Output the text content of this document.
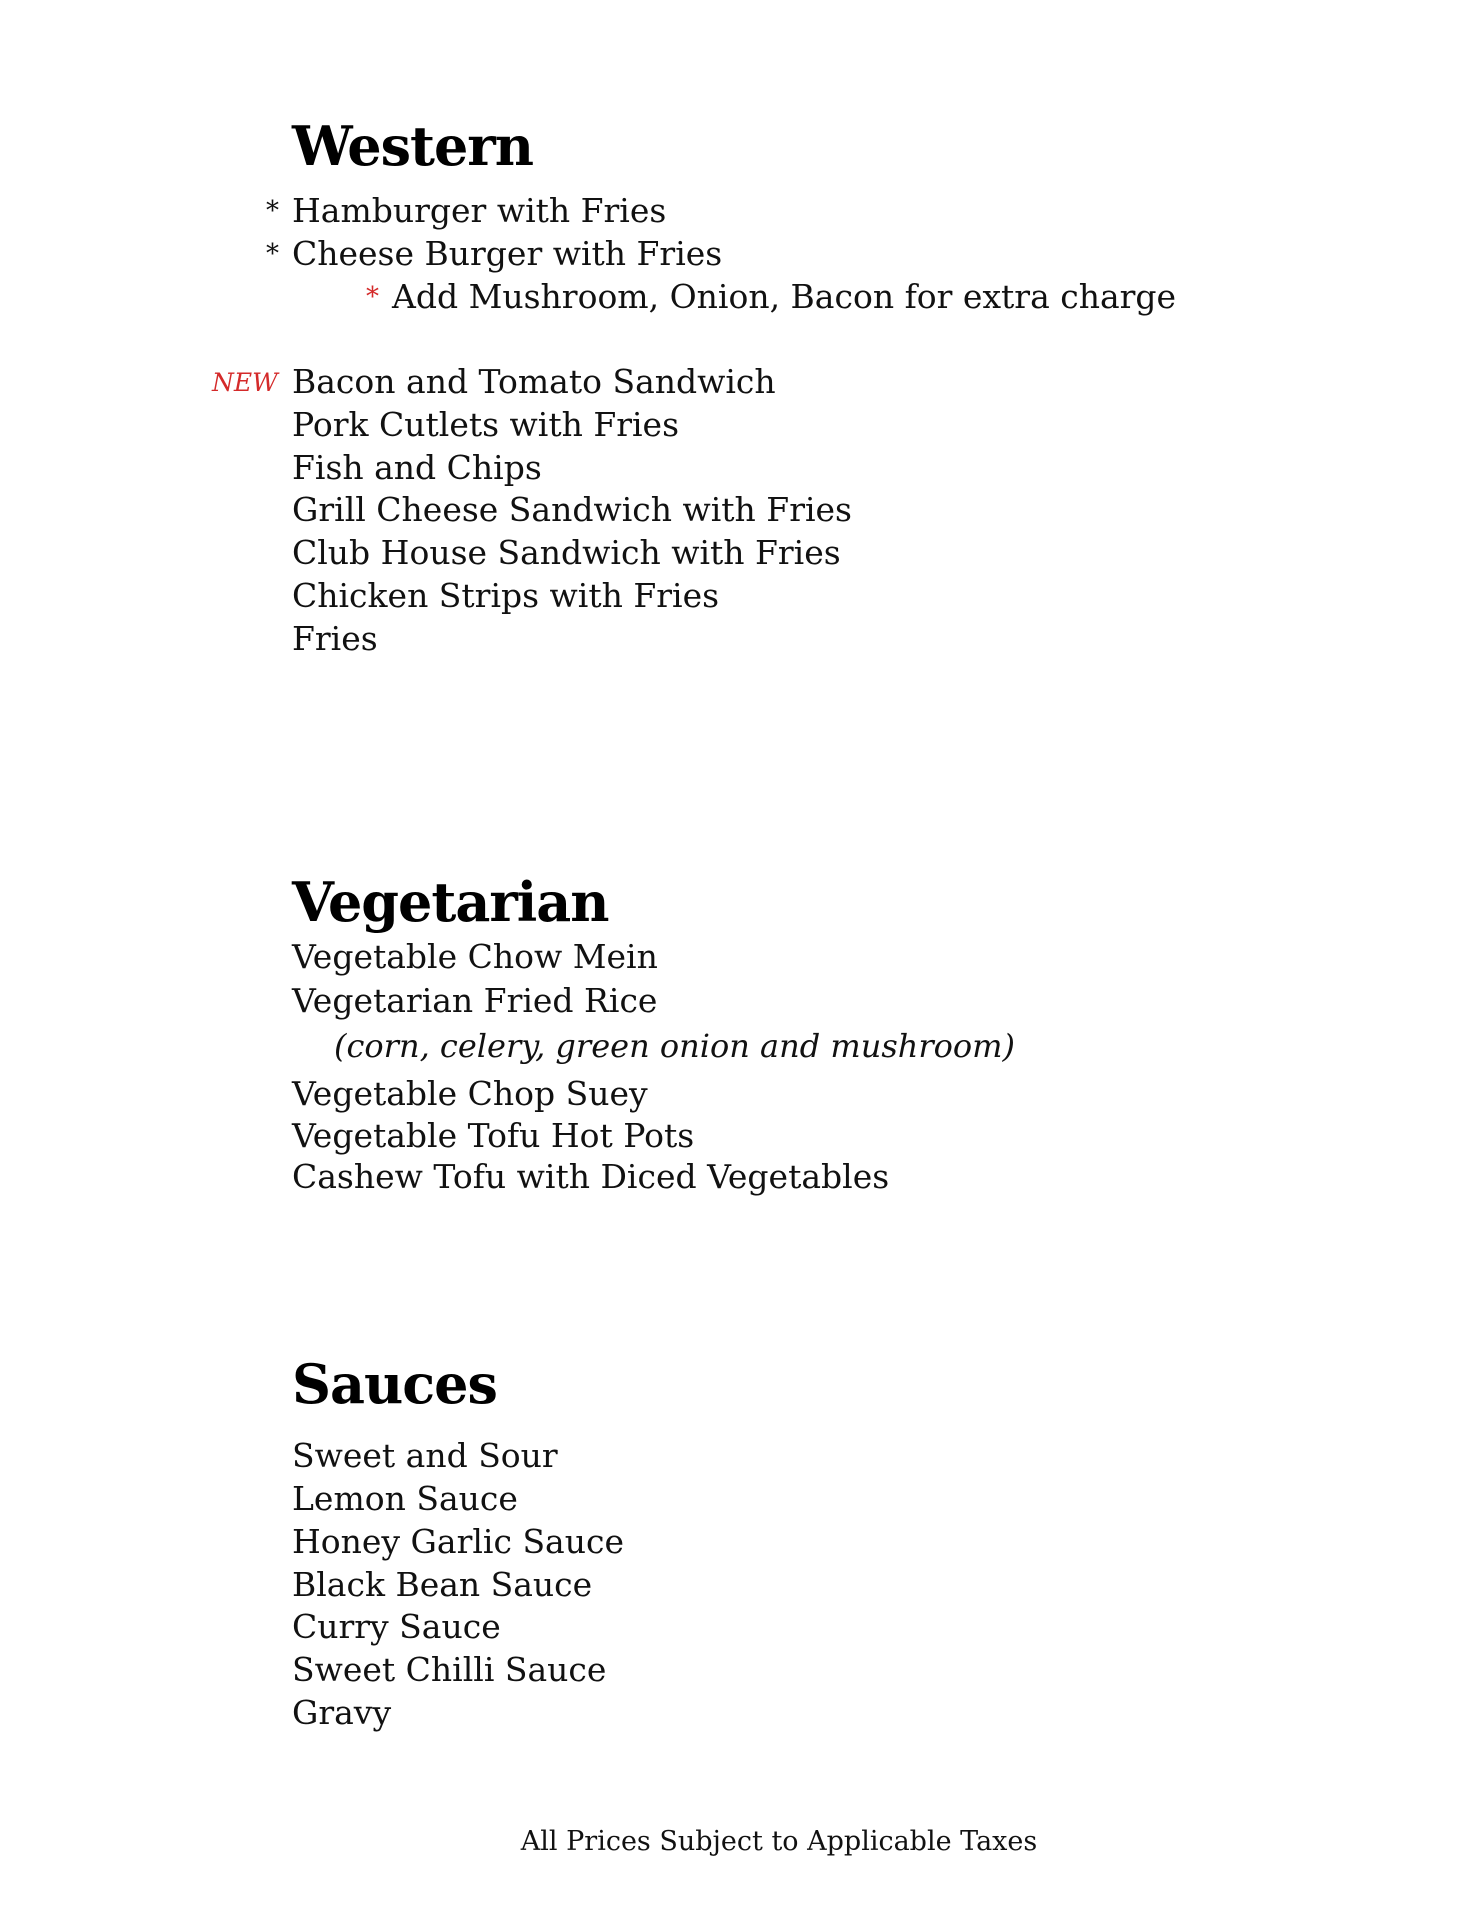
Western
* Hamburger with Fries
* Cheese Burger with Fries
* Add Mushroom, Onion, Bacon for extra charge
NEW Bacon and Tomato Sandwich
Pork Cutlets with Fries
Fish and Chips
Grill Cheese Sandwich with Fries
Club House Sandwich with Fries
Chicken Strips with Fries
Fries
Vegetarian
Vegetable Chow Mein
Vegetarian Fried Rice
(corn, celery, green onion and mushroom)
Vegetable Chop Suey
Vegetable Tofu Hot Pots
Cashew Tofu with Diced Vegetables
Sauces
Sweet and Sour
Lemon Sauce
Honey Garlic Sauce
Black Bean Sauce
Curry Sauce
Sweet Chilli Sauce
Gravy
All Prices Subject to Applicable Taxes
